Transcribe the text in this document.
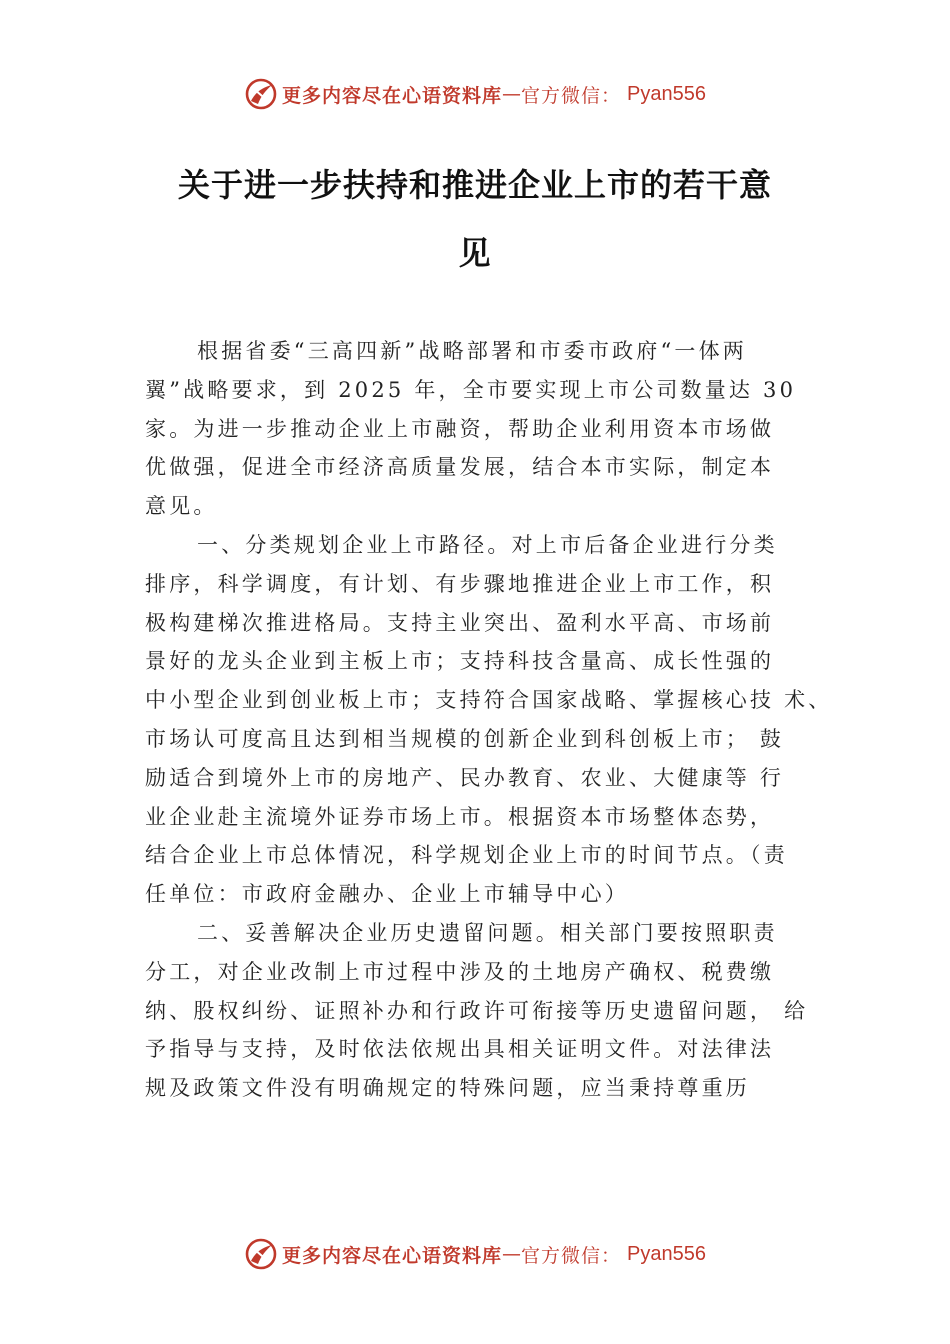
更多内容尽在心语资料库 — 官方微信： Pyan556
关于进一步扶持和推进企业上市的若干意
见
根据省委“三高四新”战略部署和市委市政府“一体两
翼”战略要求，到 2025 年，全市要实现上市公司数量达 30
家。为进一步推动企业上市融资，帮助企业利用资本市场做
优做强，促进全市经济高质量发展，结合本市实际，制定本
意见。
一、分类规划企业上市路径。对上市后备企业进行分类
排序，科学调度，有计划、有步骤地推进企业上市工作，积
极构建梯次推进格局。支持主业突出、盈利水平高、市场前
景好的龙头企业到主板上市；支持科技含量高、成长性强的
中小型企业到创业板上市；支持符合国家战略、掌握核心技 术、
市场认可度高且达到相当规模的创新企业到科创板上市； 鼓
励适合到境外上市的房地产、民办教育、农业、大健康等 行
业企业赴主流境外证券市场上市。根据资本市场整体态势，
结合企业上市总体情况，科学规划企业上市的时间节点。（责
任单位：市政府金融办、企业上市辅导中心）
二、妥善解决企业历史遗留问题。相关部门要按照职责
分工，对企业改制上市过程中涉及的土地房产确权、税费缴
纳、股权纠纷、证照补办和行政许可衔接等历史遗留问题， 给
予指导与支持，及时依法依规出具相关证明文件。对法律法
规及政策文件没有明确规定的特殊问题，应当秉持尊重历
更多内容尽在心语资料库 — 官方微信： Pyan556
